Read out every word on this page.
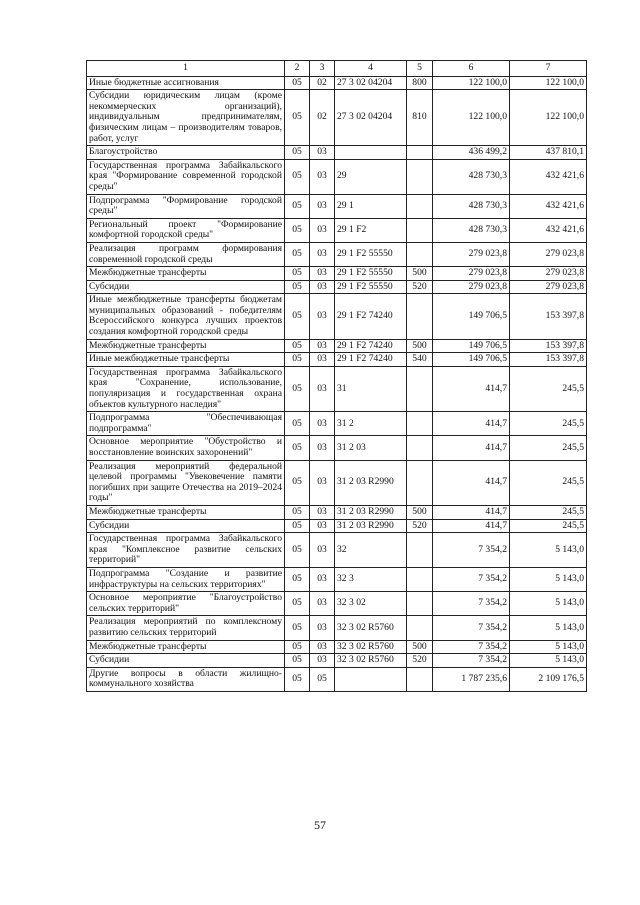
1	2	3	4	5	6	7
Иные бюджетные ассигнования	05	02	27 3 02 04204	800	122 100,0	122 100,0
Субсидии юридическим лицам (кроме некоммерческих организаций), индивидуальным предпринимателям, физическим лицам – производителям товаров, работ, услуг	05	02	27 3 02 04204	810	122 100,0	122 100,0
Благоустройство	05	03			436 499,2	437 810,1
Государственная программа Забайкальского края "Формирование современной городской среды"	05	03	29		428 730,3	432 421,6
Подпрограмма "Формирование городской среды"	05	03	29 1		428 730,3	432 421,6
Региональный проект "Формирование комфортной городской среды"	05	03	29 1 F2		428 730,3	432 421,6
Реализация программ формирования современной городской среды	05	03	29 1 F2 55550		279 023,8	279 023,8
Межбюджетные трансферты	05	03	29 1 F2 55550	500	279 023,8	279 023,8
Субсидии	05	03	29 1 F2 55550	520	279 023,8	279 023,8
Иные межбюджетные трансферты бюджетам муниципальных образований - победителям Всероссийского конкурса лучших проектов создания комфортной городской среды	05	03	29 1 F2 74240		149 706,5	153 397,8
Межбюджетные трансферты	05	03	29 1 F2 74240	500	149 706,5	153 397,8
Иные межбюджетные трансферты	05	03	29 1 F2 74240	540	149 706,5	153 397,8
Государственная программа Забайкальского края "Сохранение, использование, популяризация и государственная охрана объектов культурного наследия"	05	03	31		414,7	245,5
Подпрограмма "Обеспечивающая подпрограмма"	05	03	31 2		414,7	245,5
Основное мероприятие "Обустройство и восстановление воинских захоронений"	05	03	31 2 03		414,7	245,5
Реализация мероприятий федеральной целевой программы "Увековечение памяти погибших при защите Отечества на 2019–2024 годы"	05	03	31 2 03 R2990		414,7	245,5
Межбюджетные трансферты	05	03	31 2 03 R2990	500	414,7	245,5
Субсидии	05	03	31 2 03 R2990	520	414,7	245,5
Государственная программа Забайкальского края "Комплексное развитие сельских территорий"	05	03	32		7 354,2	5 143,0
Подпрограмма "Создание и развитие инфраструктуры на сельских территориях"	05	03	32 3		7 354,2	5 143,0
Основное мероприятие "Благоустройство сельских территорий"	05	03	32 3 02		7 354,2	5 143,0
Реализация мероприятий по комплексному развитию сельских территорий	05	03	32 3 02 R5760		7 354,2	5 143,0
Межбюджетные трансферты	05	03	32 3 02 R5760	500	7 354,2	5 143,0
Субсидии	05	03	32 3 02 R5760	520	7 354,2	5 143,0
Другие вопросы в области жилищно-коммунального хозяйства	05	05			1 787 235,6	2 109 176,5
57
